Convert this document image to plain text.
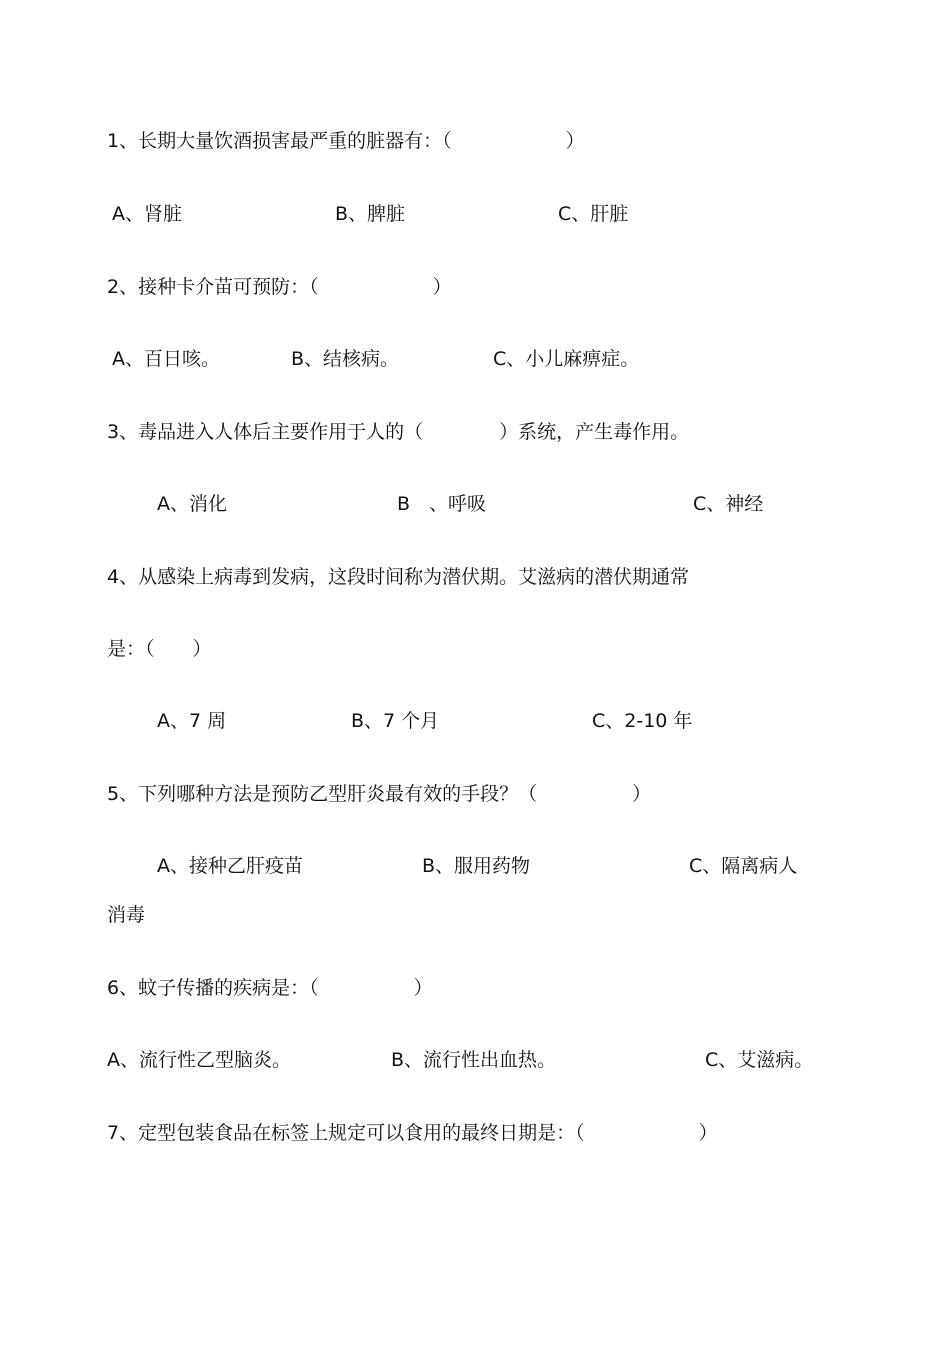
1、长期大量饮酒损害最严重的脏器有：（　　　　　　）
A、肾脏	B、脾脏	C、肝脏
2、接种卡介苗可预防：（　　　　　　）
A、百日咳。	B、结核病。	C、小儿麻痹症。
3、毒品进入人体后主要作用于人的（　　　　）系统，产生毒作用。
A、消化	B　、呼吸	C、神经
4、从感染上病毒到发病，这段时间称为潜伏期。艾滋病的潜伏期通常
是：（　　）
A、7 周	B、7 个月	C、2-10 年
5、下列哪种方法是预防乙型肝炎最有效的手段？（　　　　　）
A、接种乙肝疫苗	B、服用药物	C、隔离病人
消毒
6、蚊子传播的疾病是：（　　　　　）
A、流行性乙型脑炎。	B、流行性出血热。	C、艾滋病。
7、定型包装食品在标签上规定可以食用的最终日期是：（　　　　　　）
